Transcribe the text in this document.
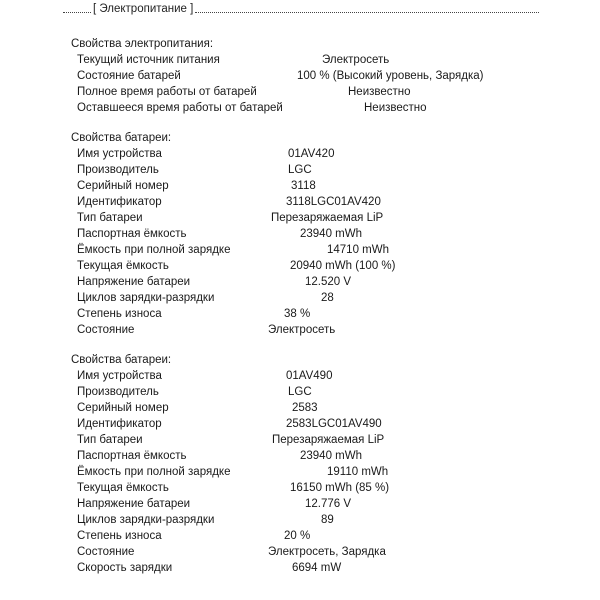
[ Электропитание ]
Свойства электропитания:
Текущий источник питания	Электросеть
Состояние батарей	100 % (Высокий уровень, Зарядка)
Полное время работы от батарей	Неизвестно
Оставшееся время работы от батарей	Неизвестно
Свойства батареи:
Имя устройства	01AV420
Производитель	LGC
Серийный номер	3118
Идентификатор	3118LGC01AV420
Тип батареи	Перезаряжаемая LiP
Паспортная ёмкость	23940 mWh
Ёмкость при полной зарядке	14710 mWh
Текущая ёмкость	20940 mWh (100 %)
Напряжение батареи	12.520 V
Циклов зарядки-разрядки	28
Степень износа	38 %
Состояние	Электросеть
Свойства батареи:
Имя устройства	01AV490
Производитель	LGC
Серийный номер	2583
Идентификатор	2583LGC01AV490
Тип батареи	Перезаряжаемая LiP
Паспортная ёмкость	23940 mWh
Ёмкость при полной зарядке	19110 mWh
Текущая ёмкость	16150 mWh (85 %)
Напряжение батареи	12.776 V
Циклов зарядки-разрядки	89
Степень износа	20 %
Состояние	Электросеть, Зарядка
Скорость зарядки	6694 mW
